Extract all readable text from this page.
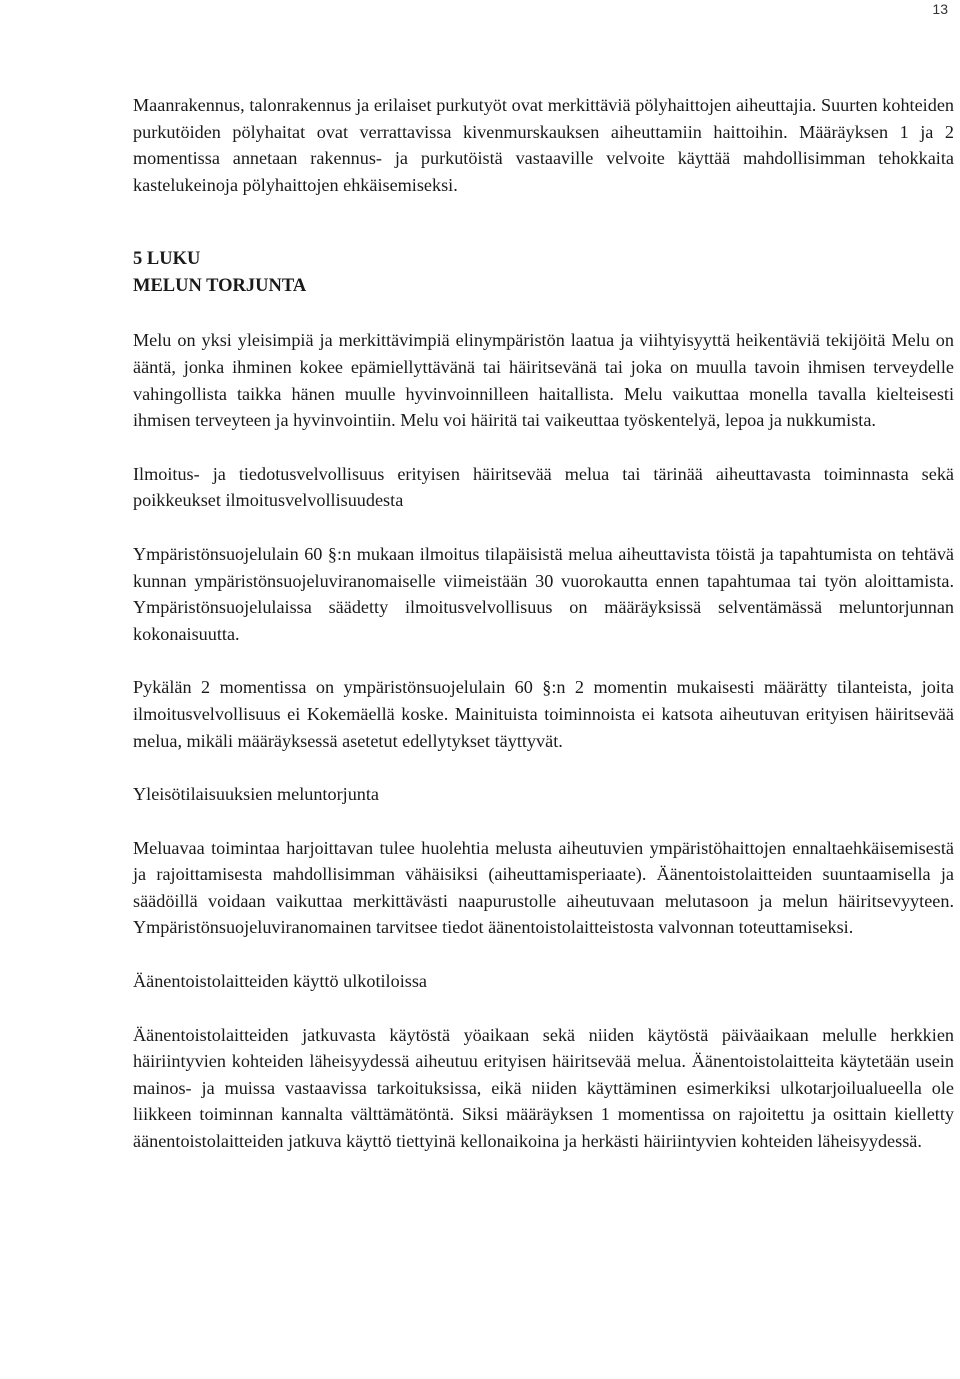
13

Maanrakennus, talonrakennus ja erilaiset purkutyöt ovat merkittäviä pölyhaittojen aiheuttajia. Suurten kohteiden purkutöiden pölyhaitat ovat verrattavissa kivenmurskauksen aiheuttamiin haittoihin. Määräyksen 1 ja 2 momentissa annetaan rakennus- ja purkutöistä vastaaville velvoite käyttää mahdollisimman tehokkaita kastelukeinoja pölyhaittojen ehkäisemiseksi.

5 LUKU
MELUN TORJUNTA

Melu on yksi yleisimpiä ja merkittävimpiä elinympäristön laatua ja viihtyisyyttä heikentäviä tekijöitä Melu on ääntä, jonka ihminen kokee epämiellyttävänä tai häiritsevänä tai joka on muulla tavoin ihmisen terveydelle vahingollista taikka hänen muulle hyvinvoinnilleen haitallista. Melu vaikuttaa monella tavalla kielteisesti ihmisen terveyteen ja hyvinvointiin. Melu voi häiritä tai vaikeuttaa työskentelyä, lepoa ja nukkumista.

Ilmoitus- ja tiedotusvelvollisuus erityisen häiritsevää melua tai tärinää aiheuttavasta toiminnasta sekä poikkeukset ilmoitusvelvollisuudesta

Ympäristönsuojelulain 60 §:n mukaan ilmoitus tilapäisistä melua aiheuttavista töistä ja tapahtumista on tehtävä kunnan ympäristönsuojeluviranomaiselle viimeistään 30 vuorokautta ennen tapahtumaa tai työn aloittamista. Ympäristönsuojelulaissa säädetty ilmoitusvelvollisuus on määräyksissä selventämässä meluntorjunnan kokonaisuutta.

Pykälän 2 momentissa on ympäristönsuojelulain 60 §:n 2 momentin mukaisesti määrätty tilanteista, joita ilmoitusvelvollisuus ei Kokemäellä koske. Mainituista toiminnoista ei katsota aiheutuvan erityisen häiritsevää melua, mikäli määräyksessä asetetut edellytykset täyttyvät.

Yleisötilaisuuksien meluntorjunta

Meluavaa toimintaa harjoittavan tulee huolehtia melusta aiheutuvien ympäristöhaittojen ennaltaehkäisemisestä ja rajoittamisesta mahdollisimman vähäisiksi (aiheuttamisperiaate). Äänentoistolaitteiden suuntaamisella ja säädöillä voidaan vaikuttaa merkittävästi naapurustolle aiheutuvaan melutasoon ja melun häiritsevyyteen. Ympäristönsuojeluviranomainen tarvitsee tiedot äänentoistolaitteistosta valvonnan toteuttamiseksi.

Äänentoistolaitteiden käyttö ulkotiloissa

Äänentoistolaitteiden jatkuvasta käytöstä yöaikaan sekä niiden käytöstä päiväaikaan melulle herkkien häiriintyvien kohteiden läheisyydessä aiheutuu erityisen häiritsevää melua. Äänentoistolaitteita käytetään usein mainos- ja muissa vastaavissa tarkoituksissa, eikä niiden käyttäminen esimerkiksi ulkotarjoilualueella ole liikkeen toiminnan kannalta välttämätöntä. Siksi määräyksen 1 momentissa on rajoitettu ja osittain kielletty äänentoistolaitteiden jatkuva käyttö tiettyinä kellonaikoina ja herkästi häiriintyvien kohteiden läheisyydessä.
